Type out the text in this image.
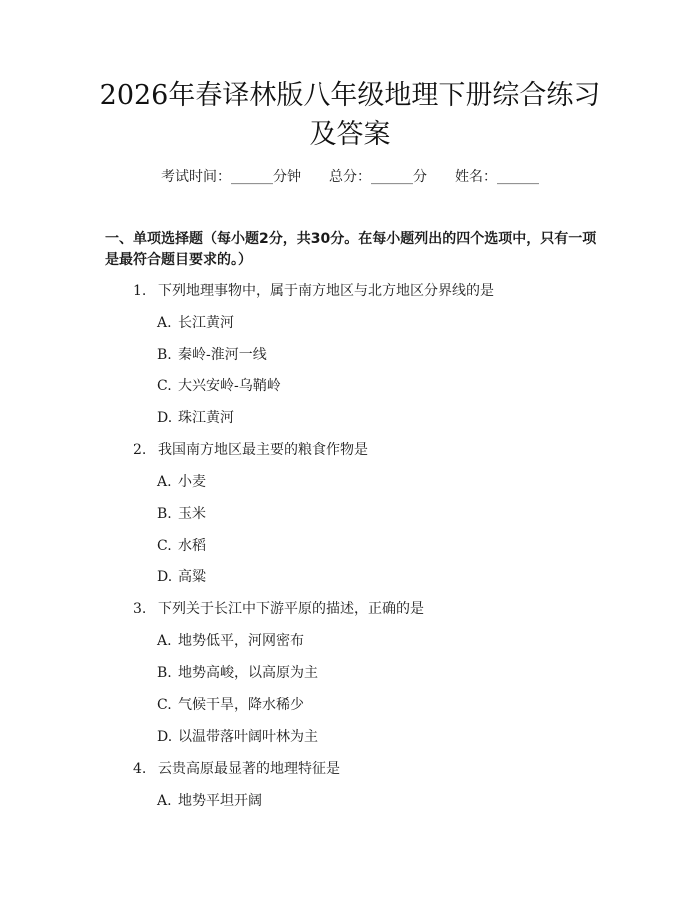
2026年春译林版八年级地理下册综合练习及答案
考试时间：______分钟 总分：______分 姓名：______
一、单项选择题（每小题2分，共30分。在每小题列出的四个选项中，只有一项是最符合题目要求的。）
1. 下列地理事物中，属于南方地区与北方地区分界线的是
A. 长江黄河
B. 秦岭-淮河一线
C. 大兴安岭-乌鞘岭
D. 珠江黄河
2. 我国南方地区最主要的粮食作物是
A. 小麦
B. 玉米
C. 水稻
D. 高粱
3. 下列关于长江中下游平原的描述，正确的是
A. 地势低平，河网密布
B. 地势高峻，以高原为主
C. 气候干旱，降水稀少
D. 以温带落叶阔叶林为主
4. 云贵高原最显著的地理特征是
A. 地势平坦开阔
